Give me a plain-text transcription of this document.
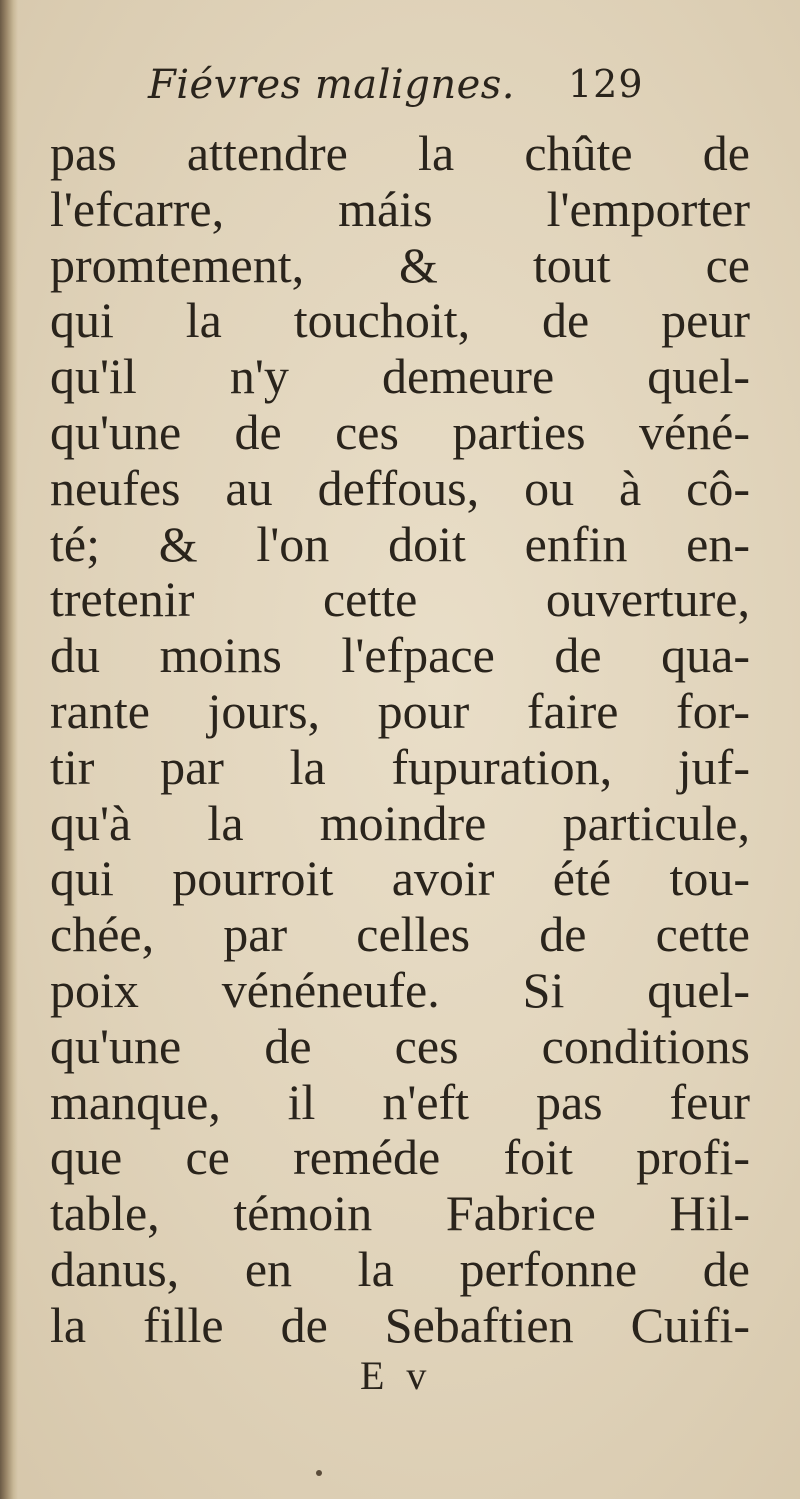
Fiévres malignes. 129
pas attendre la chûte de
l'efcarre, máis l'emporter
promtement, & tout ce
qui la touchoit, de peur
qu'il n'y demeure quel-
qu'une de ces parties véné-
neufes au deffous, ou à cô-
té; & l'on doit enfin en-
tretenir cette ouverture,
du moins l'efpace de qua-
rante jours, pour faire for-
tir par la fupuration, juf-
qu'à la moindre particule,
qui pourroit avoir été tou-
chée, par celles de cette
poix vénéneufe. Si quel-
qu'une de ces conditions
manque, il n'eft pas feur
que ce reméde foit profi-
table, témoin Fabrice Hil-
danus, en la perfonne de
la fille de Sebaftien Cuifi-
E v
